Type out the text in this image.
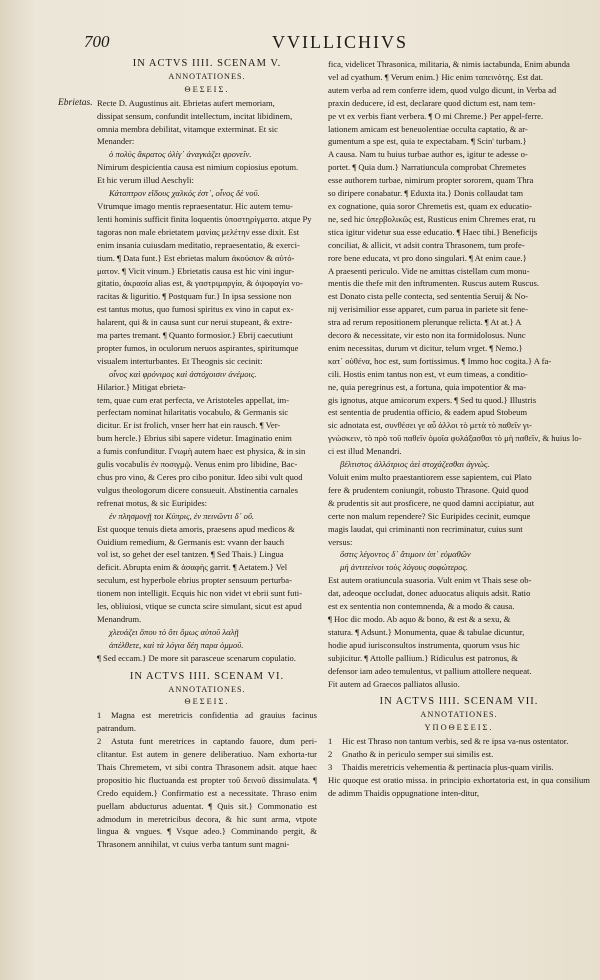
700	VVILLICHIVS
Ebrietas.

IN ACTVS IIII. SCENAM V.

ANNOTATIONES.

ΘΕΣΕΙΣ.

Recte D. Augustinus ait. Ebrietas aufert memoriam,

dissipat sensum, confundit intellectum, incitat libidinem,

omnia membra debilitat, vitamque exterminat. Et sic

Menander:

ὁ πολὺς ἄκρατος ὀλίγ᾽ ἀναγκάζει φρονεῖν.

Nimirum despicientia causa est nimium copiosius epotum.

Et hic verum illud Aeschyli:

Κάτοπτρον εἴδους χαλκός ἐστ᾽, οἶνος δὲ νοῦ.

Vtrumque imago mentis repraesentatur. Hic autem temu-

lenti hominis sufficit finita loquentis ὑποστηρίγματα. atque Py

tagoras non male ebrietatem μανίας μελέτην esse dixit. Est

enim insania cuiusdam meditatio, repraesentatio, & exerci-

tium. ¶ Data funt.} Est ebrietas malum ἀκούσιον & αὐτό-

ματον. ¶ Vicit vinum.} Ebrietatis causa est hic vini ingur-

gitatio, ἀκρασία alias est, & γαστριμαργία, & ὀψοφαγία vo-

racitas & liguritio. ¶ Postquam fur.} In ipsa sessione non

est tantus motus, quo fumosi spiritus ex vino in caput ex-

halarent, qui & in causa sunt cur nerui stupeant, & extre-

ma partes tremant. ¶ Quanto formosior.} Ebrij caecutiunt

propter fumos, in oculorum neruos aspirantes, spiritumque

visualem interturbantes. Et Theognis sic cecinit:

οἶνος καὶ φρόνιμος καὶ ἀστόχοισιν ἀνέμοις.

Hilarior.} Mitigat ebrieta-

tem, quae cum erat perfecta, ve Aristoteles appellat, im-

perfectam nominat hilaritatis vocabulo, & Germanis sic

dicitur. Er ist frolich, vnser herr hat ein rausch. ¶ Ver-

bum hercle.} Ebrius sibi sapere videtur. Imaginatio enim

a fumis confunditur. Γνωμὴ autem haec est physica, & in sin

gulis vocabulis ἐν ποσιγμῷ. Venus enim pro libidine, Bac-

chus pro vino, & Ceres pro cibo ponitur. Ideo sibi vult quod

vulgus theologorum dicere consueuit. Abstinentia carnales

refrenat motus, & sic Euripides:

ἐν πλησμονῇ τοι Κύπρις, ἐν πεινῶντι δ᾽ οὔ.

Est quoque tenuis dieta amoris, praesens apud medicos &

Ouidium remedium, & Germanis est: vvann der bauch

vol ist, so gehet der esel tantzen. ¶ Sed Thais.} Lingua

deficit. Abrupta enim & ἀσαφὴς garrit. ¶ Aetatem.} Vel

seculum, est hyperbole ebrius propter sensuum perturba-

tionem non intelligit. Ecquis hic non videt vt ebrii sunt futi-

les, obliuiosi, vtique se cuncta scire simulant, sicut est apud

Menandrum.

χλευάζει ὅπου τὸ ὅτι ὅμως αὐτοῦ λαλῇ

ἀπέλθετε, καὶ τὰ λόγια δέη παρα ὁμμοῦ.

¶ Sed eccam.} De more sit parasceue scenarum copulatio.

IN ACTVS IIII. SCENAM VI.

ANNOTATIONES.

ΘΕΣΕΙΣ.

1 Magna est meretricis confidentia ad grauius facinus patrandum.

2 Astuta funt meretrices in captando fauore, dum peri-clitantur. Est autem in genere deliberatiuo. Nam exhorta-tur Thais Chremetem, vt sibi contra Thrasonem adsit. atque haec propositio hic fluctuanda est propter τοῦ δεινοῦ dissimulata. ¶ Credo equidem.} Confirmatio est a necessitate. Thraso enim puellam abducturus aduentat. ¶ Quis sit.} Commonatio est admodum in meretricibus decora, & hic sunt arma, vtpote lingua & vngues. ¶ Vsque adeo.} Comminando pergit, & Thrasonem annihilat, vt cuius verba tantum sunt magni-

fica, videlicet Thrasonica, militaria, & nimis iactabunda, Enim abunda

vel ad cyathum. ¶ Verum enim.} Hic enim ταπεινότης. Est dat.

autem verba ad rem conferre idem, quod vulgo dicunt, in Verba ad

praxin deducere, id est, declarare quod dictum est, nam tem-

pe vt ex verbis fiant verbera. ¶ O mi Chreme.} Per appel-ferre.

lationem amicam est beneuolentiae occulta captatio, & ar-

gumentum a spe est, quia te expectabam. ¶ Scin' turbam.}

A causa. Nam tu huius turbae author es, igitur te adesse o-

portet. ¶ Quia dum.} Narratiuncula comprobat Chremetes

esse authorem turbae, nimirum propter sororem, quam Thra

so diripere conabatur. ¶ Eduxta ita.} Donis collaudat tam

ex cognatione, quia soror Chremetis est, quam ex educatio-

ne, sed hic ὑπερβολικῶς est, Rusticus enim Chremes erat, ru

stica igitur videtur sua esse educatio. ¶ Haec tibi.} Beneficijs

conciliat, & allicit, vt adsit contra Thrasonem, tum profe-

rore bene educata, vt pro dono singulari. ¶ At enim caue.}

A praesenti periculo. Vide ne amittas cistellam cum monu-

mentis die thefe mit den inftrumenten. Ruscus autem Ruscus.

est Donato cista pelle contecta, sed sententia Seruij & No-

nij verisimilior esse apparet, cum parua in pariete sit fene-

stra ad rerum repositionem plerunque relicta. ¶ At at.} A

decoro & necessitate, vir esto non ita formidolosus. Nunc

enim necessitas, durum vt dicitur, telum vrget. ¶ Nemo.}

κατ᾽ οὐθένα, hoc est, sum fortissimus. ¶ Immo hoc cogita.} A fa-

cili. Hostis enim tantus non est, vt eum timeas, a conditio-

ne, quia peregrinus est, a fortuna, quia impotentior & ma-

gis ignotus, atque amicorum expers. ¶ Sed tu quod.} Illustris

est sententia de prudentia officio, & eadem apud Stobeum

sic adnotata est, συνθέσει γε αὖ ἀλλοι τὸ μετὰ τὸ παθεῖν γι-

γνώσκειν, τὸ πρὸ τοῦ παθεῖν ὁμοῖα φυλάξασθαι τὸ μὴ παθεῖν, & huius lo-

ci est illud Menandri.

βέλτιστος ἀλλότριος ἀεὶ στοχάζεσθαι ἀγνώς.

Voluit enim multo praestantiorem esse sapientem, cui Plato

fere & prudentem coniungit, robusto Thrasone. Quid quod

& prudentis sit aut prosficere, ne quod damni accipiatur, aut

certe non malum rependere? Sic Euripides cecinit, eumque

magis laudat, qui criminanti non recriminatur, cuius sunt

versus:

ὅστις λέγοντος δ᾽ ἄτιμοιν ὑπ᾽ εὐμαθῶν

μὴ ἀντιτείνοι τοὺς λόγους σοφώτερος.

Est autem oratiuncula suasoria. Vult enim vt Thais sese ob-

dat, adeoque occludat, donec aduocatus aliquis adsit. Ratio

est ex sententia non contemnenda, & a modo & causa.

¶ Hoc dic modo. Ab aquo & bono, & est & a sexu, &

statura. ¶ Adsunt.} Monumenta, quae & tabulae dicuntur,

hodie apud iurisconsultos instrumenta, quorum vsus hic

subjicitur. ¶ Attolle pallium.} Ridiculus est patronus, &

defensor iam adeo temulentus, vt pallium attollere nequeat.

Fit autem ad Graecos palliatos allusio.

IN ACTVS IIII. SCENAM VII.

ANNOTATIONES.

ΥΠΟΘΕΣΕΙΣ.

1 Hic est Thraso non tantum verbis, sed & re ipsa va-nus ostentator.

2 Gnatho & in periculo semper sui similis est.

3 Thaidis meretricis vehementia & pertinacia plus-quam virilis.

Hic quoque est oratio missa. in principio exhortatoria est, in qua consilium de adimm Thaidis oppugnatione inten-ditur,
